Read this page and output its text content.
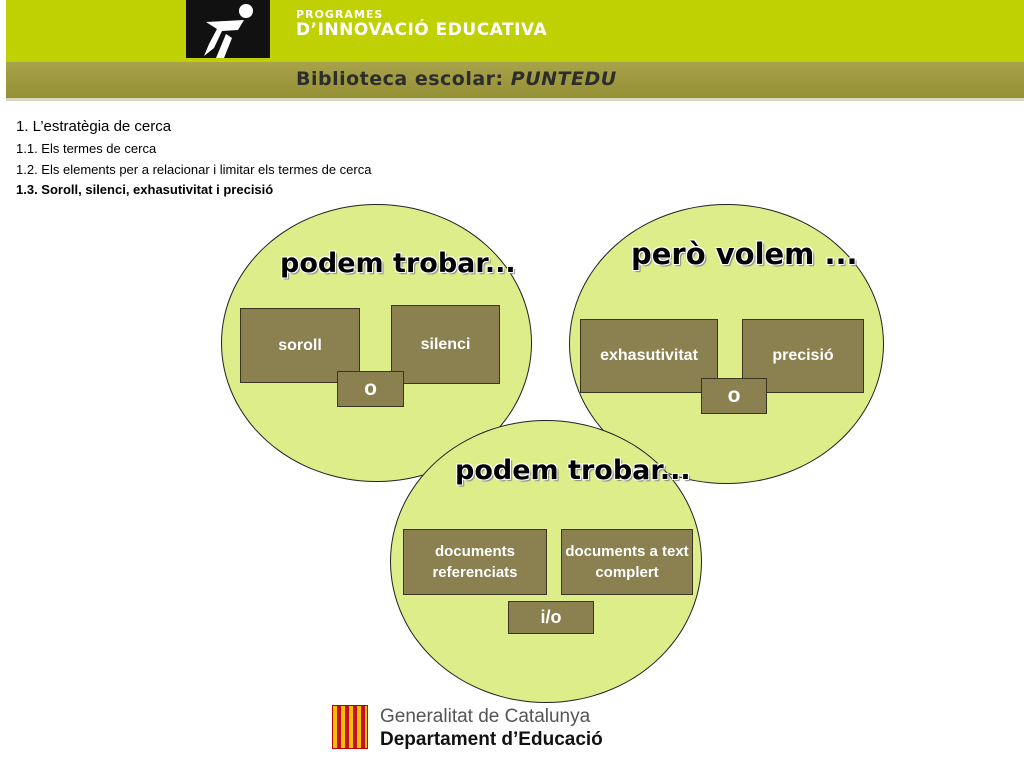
PROGRAMES
D’INNOVACIÓ EDUCATIVA
Biblioteca escolar: PUNTEDU
1. L’estratègia de cerca
1.1. Els termes de cerca
1.2. Els elements per a relacionar i limitar els termes de cerca
1.3. Soroll, silenci, exhasutivitat i precisió
podem trobar...
soroll	silenci
o
però volem ...
exhasutivitat	precisió
o
podem trobar...
documents referenciats
documents a text complert
i/o
Generalitat de Catalunya
Departament d’Educació
